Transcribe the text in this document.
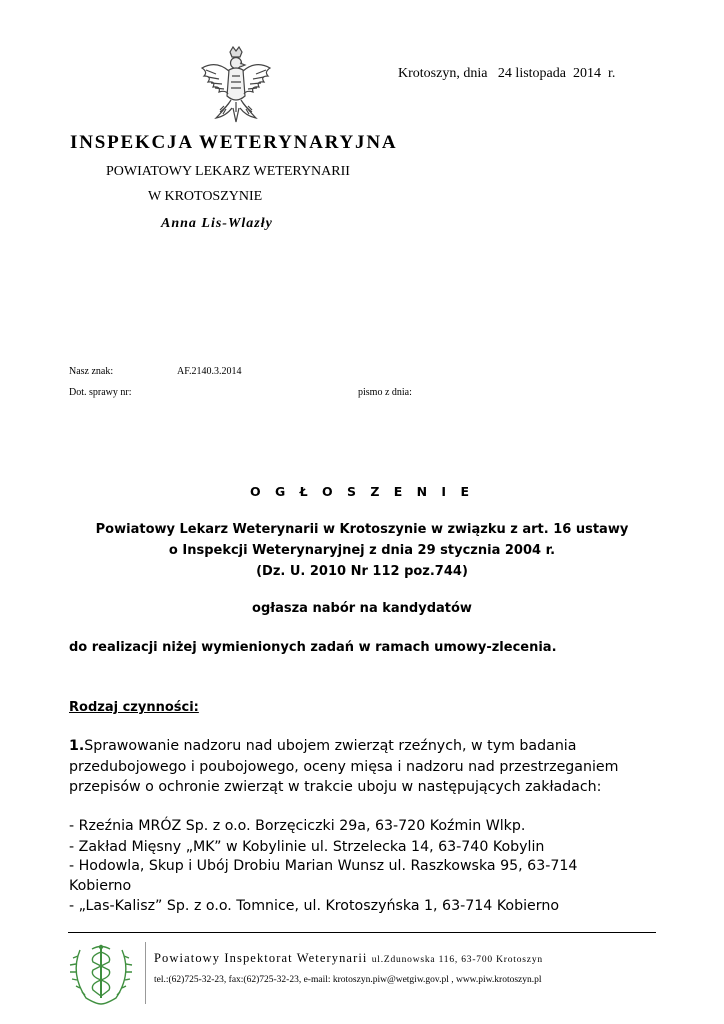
Krotoszyn, dnia   24 listopada  2014  r.
INSPEKCJA WETERYNARYJNA
POWIATOWY LEKARZ WETERYNARII
W KROTOSZYNIE
Anna Lis-Wlazły
Nasz znak:	AF.2140.3.2014
Dot. sprawy nr:	pismo z dnia:
O G Ł O S Z E N I E
Powiatowy Lekarz Weterynarii w Krotoszynie w związku z art. 16 ustawy
o Inspekcji Weterynaryjnej z dnia 29 stycznia 2004 r.
(Dz. U. 2010 Nr 112 poz.744)
ogłasza nabór na kandydatów
do realizacji niżej wymienionych zadań w ramach umowy-zlecenia.
Rodzaj czynności:
1.Sprawowanie nadzoru nad ubojem zwierząt rzeźnych, w tym badania
przedubojowego i poubojowego, oceny mięsa i nadzoru nad przestrzeganiem
przepisów o ochronie zwierząt w trakcie uboju w następujących zakładach:
- Rzeźnia MRÓZ Sp. z o.o. Borzęciczki 29a, 63-720 Koźmin Wlkp.
- Zakład Mięsny „MK” w Kobylinie ul. Strzelecka 14, 63-740 Kobylin
- Hodowla, Skup i Ubój Drobiu Marian Wunsz ul. Raszkowska 95, 63-714
Kobierno
- „Las-Kalisz” Sp. z o.o. Tomnice, ul. Krotoszyńska 1, 63-714 Kobierno
Powiatowy Inspektorat Weterynarii ul.Zdunowska 116, 63-700 Krotoszyn
tel.:(62)725-32-23, fax:(62)725-32-23, e-mail: krotoszyn.piw@wetgiw.gov.pl , www.piw.krotoszyn.pl
